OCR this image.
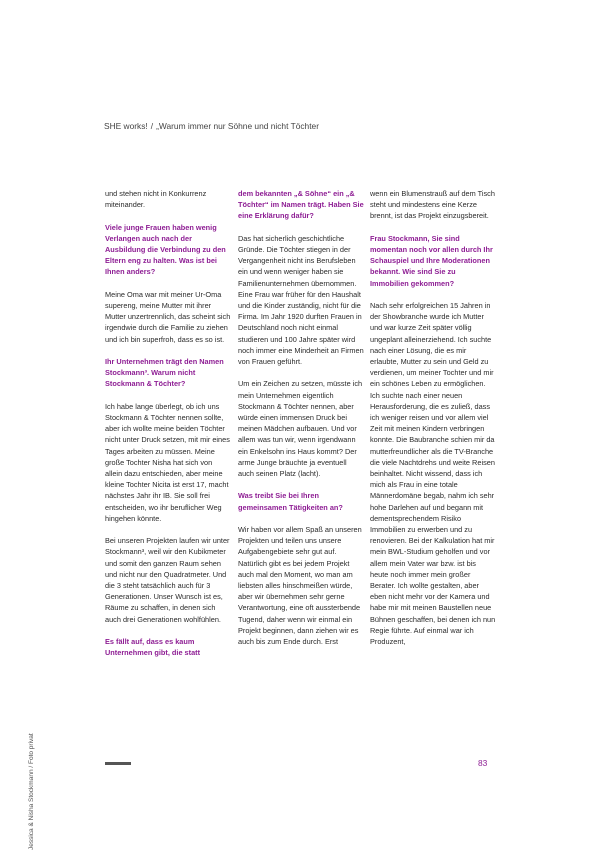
SHE works! / „Warum immer nur Söhne und nicht Töchter

und stehen nicht in Konkurrenz miteinander.

Viele junge Frauen haben wenig Verlangen auch nach der Ausbildung die Verbindung zu den Eltern eng zu halten. Was ist bei Ihnen anders?

Meine Oma war mit meiner Ur-Oma supereng, meine Mutter mit ihrer Mutter unzertrennlich, das scheint sich irgendwie durch die Familie zu ziehen und ich bin superfroh, dass es so ist.

Ihr Unternehmen trägt den Namen Stockmann³. Warum nicht Stockmann & Töchter?

Ich habe lange überlegt, ob ich uns Stockmann & Töchter nennen sollte, aber ich wollte meine beiden Töchter nicht unter Druck setzen, mit mir eines Tages arbeiten zu müssen. Meine große Tochter Nisha hat sich von allein dazu entschieden, aber meine kleine Tochter Nicita ist erst 17, macht nächstes Jahr ihr IB. Sie soll frei entscheiden, wo ihr beruflicher Weg hingehen könnte.

Bei unseren Projekten laufen wir unter Stockmann³, weil wir den Kubikmeter und somit den ganzen Raum sehen und nicht nur den Quadratmeter. Und die 3 steht tatsächlich auch für 3 Generationen. Unser Wunsch ist es, Räume zu schaffen, in denen sich auch drei Generationen wohlfühlen.

Es fällt auf, dass es kaum Unternehmen gibt, die statt

dem bekannten „& Söhne“ ein „& Töchter“ im Namen trägt. Haben Sie eine Erklärung dafür?

Das hat sicherlich geschichtliche Gründe. Die Töchter stiegen in der Vergangenheit nicht ins Berufsleben ein und wenn weniger haben sie Familienunternehmen übernommen. Eine Frau war früher für den Haushalt und die Kinder zuständig, nicht für die Firma. Im Jahr 1920 durften Frauen in Deutschland noch nicht einmal studieren und 100 Jahre später wird noch immer eine Minderheit an Firmen von Frauen geführt.

Um ein Zeichen zu setzen, müsste ich mein Unternehmen eigentlich Stockmann & Töchter nennen, aber würde einen immensen Druck bei meinen Mädchen aufbauen. Und vor allem was tun wir, wenn irgendwann ein Enkelsohn ins Haus kommt? Der arme Junge bräuchte ja eventuell auch seinen Platz (lacht).

Was treibt Sie bei Ihren gemeinsamen Tätigkeiten an?

Wir haben vor allem Spaß an unseren Projekten und teilen uns unsere Aufgabengebiete sehr gut auf. Natürlich gibt es bei jedem Projekt auch mal den Moment, wo man am liebsten alles hinschmeißen würde, aber wir übernehmen sehr gerne Verantwortung, eine oft aussterbende Tugend, daher wenn wir einmal ein Projekt beginnen, dann ziehen wir es auch bis zum Ende durch. Erst

wenn ein Blumenstrauß auf dem Tisch steht und mindestens eine Kerze brennt, ist das Projekt einzugsbereit.

Frau Stockmann, Sie sind momentan noch vor allen durch Ihr Schauspiel und Ihre Moderationen bekannt. Wie sind Sie zu Immobilien gekommen?

Nach sehr erfolgreichen 15 Jahren in der Showbranche wurde ich Mutter und war kurze Zeit später völlig ungeplant alleinerziehend. Ich suchte nach einer Lösung, die es mir erlaubte, Mutter zu sein und Geld zu verdienen, um meiner Tochter und mir ein schönes Leben zu ermöglichen. Ich suchte nach einer neuen Herausforderung, die es zuließ, dass ich weniger reisen und vor allem viel Zeit mit meinen Kindern verbringen konnte. Die Baubranche schien mir da mutterfreundlicher als die TV-Branche die viele Nachtdrehs und weite Reisen beinhaltet. Nicht wissend, dass ich mich als Frau in eine totale Männerdomäne begab, nahm ich sehr hohe Darlehen auf und begann mit dementsprechendem Risiko Immobilien zu erwerben und zu renovieren. Bei der Kalkulation hat mir mein BWL-Studium geholfen und vor allem mein Vater war bzw. ist bis heute noch immer mein großer Berater. Ich wollte gestalten, aber eben nicht mehr vor der Kamera und habe mir mit meinen Baustellen neue Bühnen geschaffen, bei denen ich nun Regie führte. Auf einmal war ich Produzent,

Jessica & Nisha Stockmann / Foto privat	83
